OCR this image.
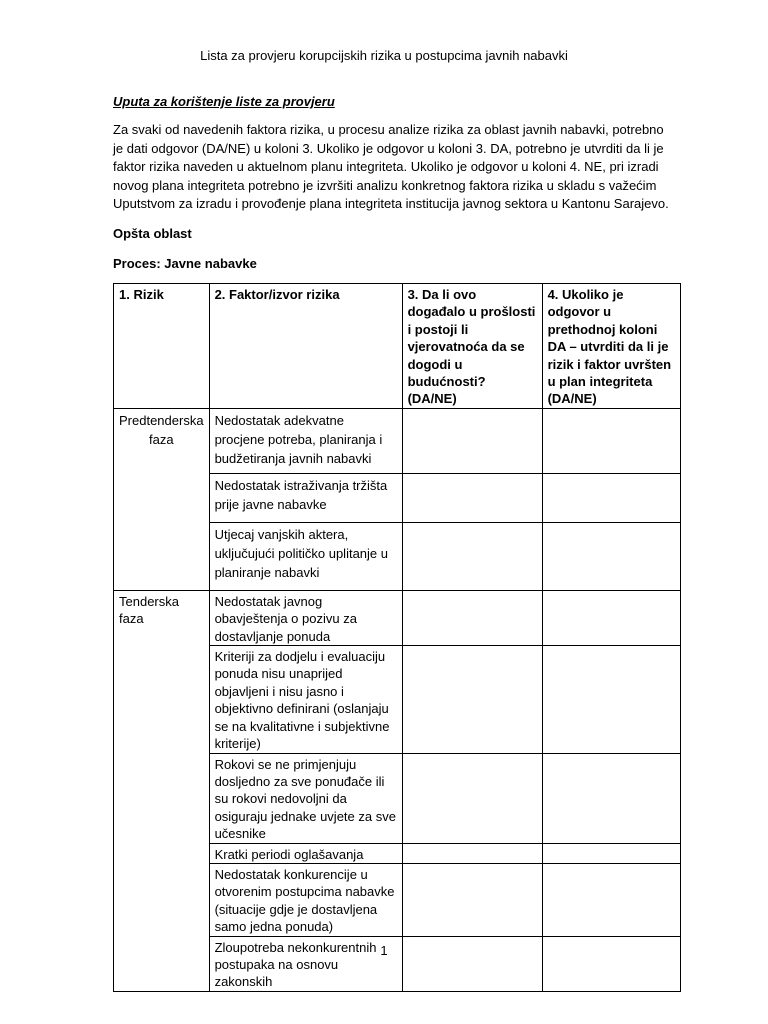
Lista za provjeru korupcijskih rizika u postupcima javnih nabavki
Uputa za korištenje liste za provjeru
Za svaki od navedenih faktora rizika, u procesu analize rizika za oblast javnih nabavki, potrebno je dati odgovor (DA/NE) u koloni 3. Ukoliko je odgovor u koloni 3. DA, potrebno je utvrditi da li je faktor rizika naveden u aktuelnom planu integriteta. Ukoliko je odgovor u koloni 4. NE, pri izradi novog plana integriteta potrebno je izvršiti analizu konkretnog faktora rizika u skladu s važećim Uputstvom za izradu i provođenje plana integriteta institucija javnog sektora u Kantonu Sarajevo.
Opšta oblast
Proces: Javne nabavke
1. Rizik	2. Faktor/izvor rizika	3. Da li ovo događalo u prošlosti i postoji li vjerovatnoća da se dogodi u budućnosti? (DA/NE)	4. Ukoliko je odgovor u prethodnoj koloni DA – utvrditi da li je rizik i faktor uvršten u plan integriteta (DA/NE)
Predtenderska faza	Nedostatak adekvatne procjene potreba, planiranja i budžetiranja javnih nabavki		
	Nedostatak istraživanja tržišta prije javne nabavke		
	Utjecaj vanjskih aktera, uključujući političko uplitanje u planiranje nabavki		
Tenderska faza	Nedostatak javnog obavještenja o pozivu za dostavljanje ponuda		
	Kriteriji za dodjelu i evaluaciju ponuda nisu unaprijed objavljeni i nisu jasno i objektivno definirani (oslanjaju se na kvalitativne i subjektivne kriterije)		
	Rokovi se ne primjenjuju dosljedno za sve ponuđače ili su rokovi nedovoljni da osiguraju jednake uvjete za sve učesnike		
	Kratki periodi oglašavanja		
	Nedostatak konkurencije u otvorenim postupcima nabavke (situacije gdje je dostavljena samo jedna ponuda)		
	Zloupotreba nekonkurentnih postupaka na osnovu zakonskih		
1
